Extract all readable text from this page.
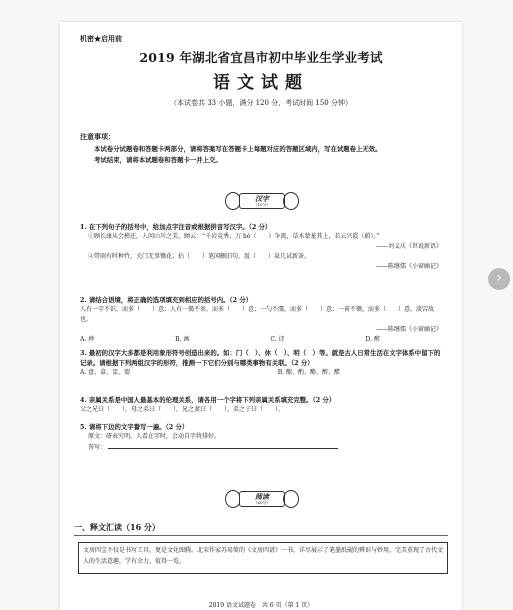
机密★启用前
2019 年湖北省宜昌市初中毕业生学业考试
语文试题
（本试卷共 33 小题，满分 120 分，考试时间 150 分钟）
注意事项：
本试卷分试题卷和答题卡两部分，请将答案写在答题卡上每题对应的答题区域内，写在试题卷上无效。
考试结束，请将本试题卷和答题卡一并上交。
汉字
（10分）
1. 在下列句子的括号中，给加点字注音或根据拼音写汉字。（2 分）
①顾长康从会稽还，人问山川之美，顾云：“千岩竞秀，万 hè（　　）争流，草木蒙茏其上，若云兴霞（蔚）。”
——刘义庆《世说新语》
②带雨有时种竹，关门无事锄花；拈（　　）笔闲删旧句，汲（　　）泉几试新茶。
——陈继儒《小窗幽记》
2. 请结合语境，将正确的选项填充到相应的括号内。（2 分）
人有一字不识，而多（　　）意；人有一偈不参，而多（　　）意；一勺不濡，而多（　　）意；一荷不锄，而多（　　）意。淡宕故也。
——陈继儒《小窗幽记》
A. 禅	B. 画	C. 诗	D. 醉
3. 最初的汉字大多都是利用象形符号创造出来的。如：门（　）、休（　）、明（　）等。就是古人日常生活在文字体系中留下的记录。请根据下列两组汉字的形符，推测一下它们分别与哪类事物有关联。（2 分）
A. 盘、盒、盅、盟	B. 酿、酌、酪、醉、醋
4. 亲属关系是中国人最基本的伦理关系，请各用一个字将下列亲属关系填充完整。（2 分）
父之兄曰（　　），母之弟曰（　　），兄之妻曰（　　），弟之子曰（　　）。
5. 请将下边的文字誊写一遍。（2 分）
原文：研表究明，人看在字时，会动自字将排好。
誊写：
阅读
（60分）
一、释文汇读（16 分）
文房四宝不仅是书写工具，更是文化图腾。北宋作家苏易简的《文房四谱》一书，详尽展示了笔墨纸砚的辨识与妙用，完美重现了古代文人的生活意趣，学有余力，值得一览。
2019 语文试题卷　共 6 页（第 1 页）
›
